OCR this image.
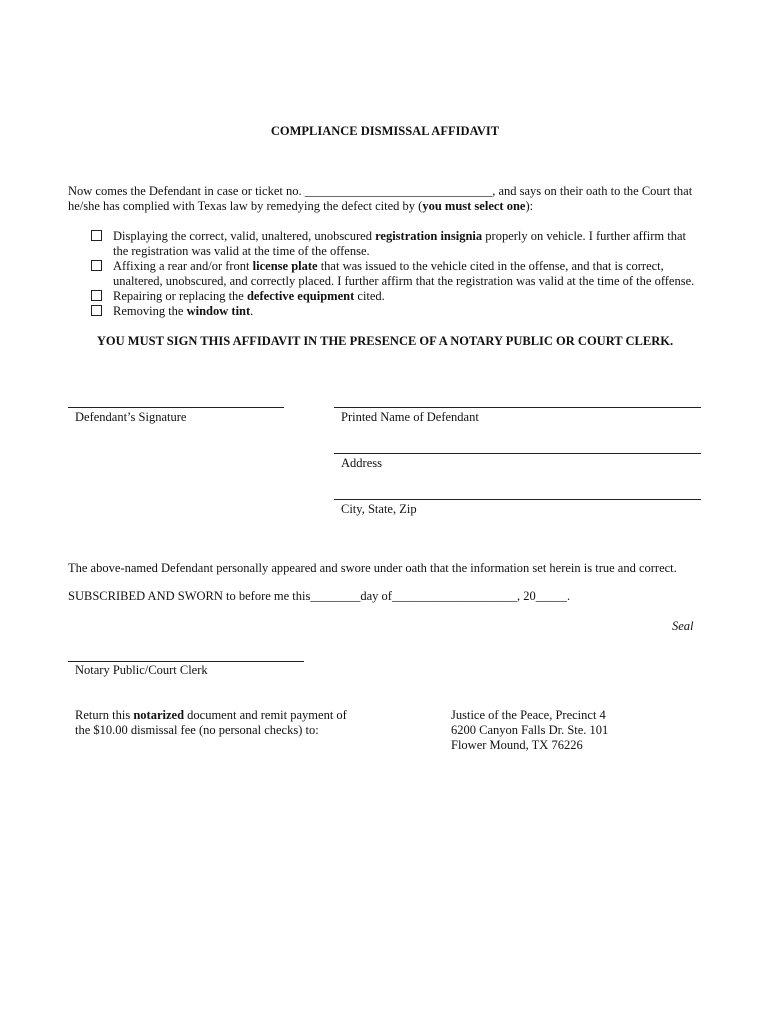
COMPLIANCE DISMISSAL AFFIDAVIT
Now comes the Defendant in case or ticket no. ______________________________, and says on their oath to the Court that he/she has complied with Texas law by remedying the defect cited by (you must select one):
Displaying the correct, valid, unaltered, unobscured registration insignia properly on vehicle. I further affirm that the registration was valid at the time of the offense.
Affixing a rear and/or front license plate that was issued to the vehicle cited in the offense, and that is correct, unaltered, unobscured, and correctly placed. I further affirm that the registration was valid at the time of the offense.
Repairing or replacing the defective equipment cited.
Removing the window tint.
YOU MUST SIGN THIS AFFIDAVIT IN THE PRESENCE OF A NOTARY PUBLIC OR COURT CLERK.
Defendant’s Signature	Printed Name of Defendant
Address
City, State, Zip
The above-named Defendant personally appeared and swore under oath that the information set herein is true and correct.
SUBSCRIBED AND SWORN to before me this________day of____________________, 20_____.
Seal
Notary Public/Court Clerk
Return this notarized document and remit payment of
the $10.00 dismissal fee (no personal checks) to:
Justice of the Peace, Precinct 4
6200 Canyon Falls Dr. Ste. 101
Flower Mound, TX 76226
